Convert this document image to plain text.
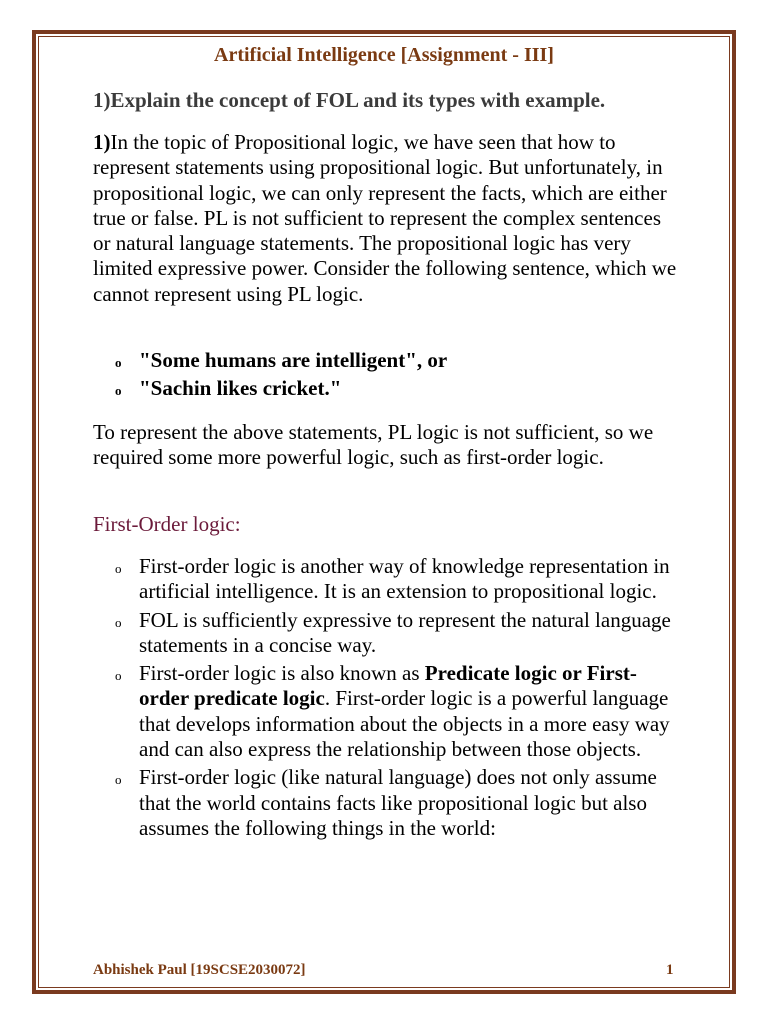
Artificial Intelligence [Assignment - III]
1)Explain the concept of FOL and its types with example.
1)In the topic of Propositional logic, we have seen that how to represent statements using propositional logic. But unfortunately, in propositional logic, we can only represent the facts, which are either true or false. PL is not sufficient to represent the complex sentences or natural language statements. The propositional logic has very limited expressive power. Consider the following sentence, which we cannot represent using PL logic.
o "Some humans are intelligent", or
o "Sachin likes cricket."
To represent the above statements, PL logic is not sufficient, so we required some more powerful logic, such as first-order logic.
First-Order logic:
o First-order logic is another way of knowledge representation in artificial intelligence. It is an extension to propositional logic.
o FOL is sufficiently expressive to represent the natural language statements in a concise way.
o First-order logic is also known as Predicate logic or First-order predicate logic. First-order logic is a powerful language that develops information about the objects in a more easy way and can also express the relationship between those objects.
o First-order logic (like natural language) does not only assume that the world contains facts like propositional logic but also assumes the following things in the world:
Abhishek Paul [19SCSE2030072]	1
